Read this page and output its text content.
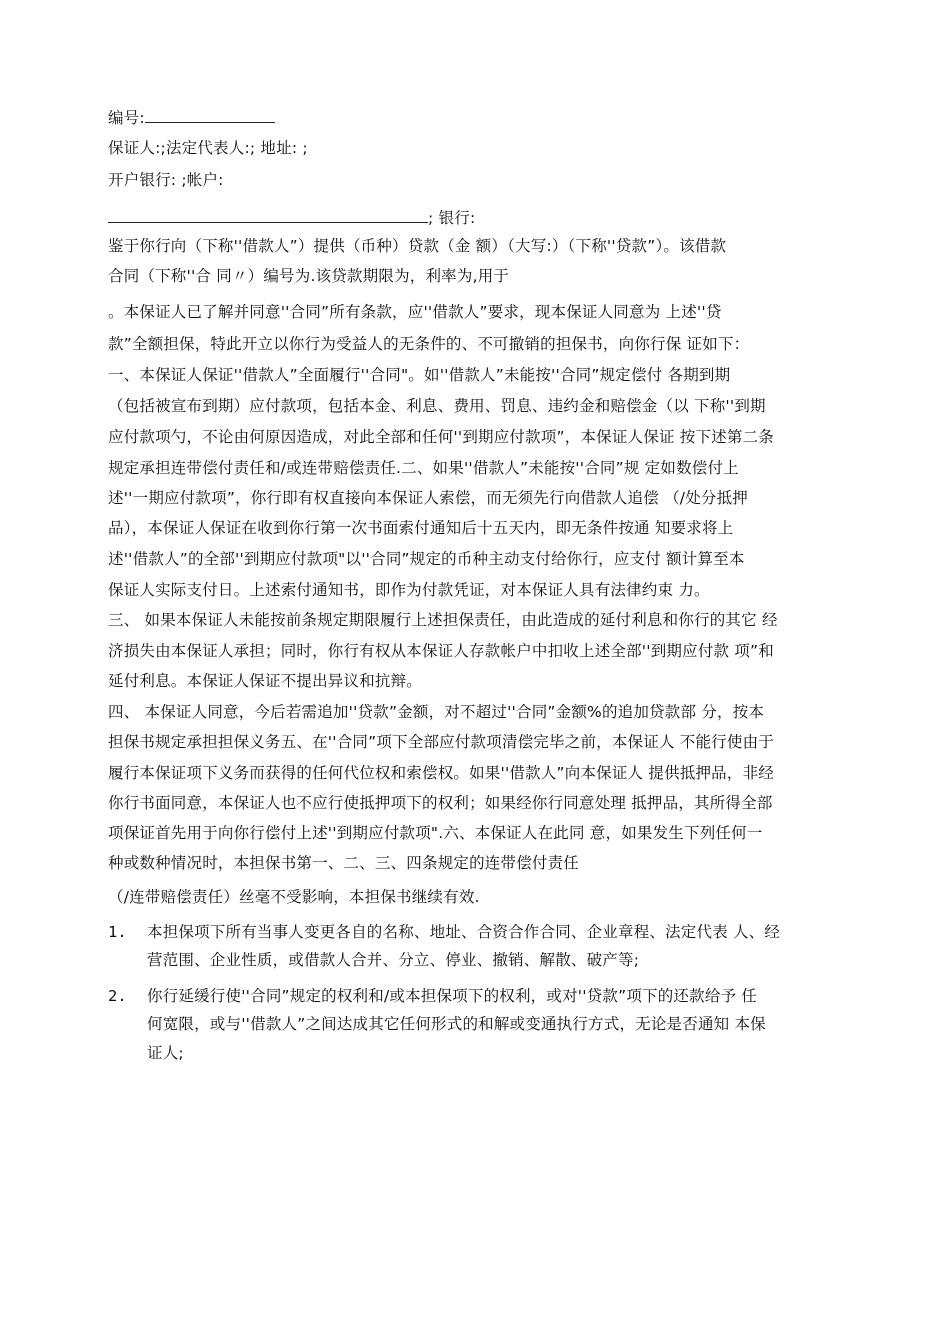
编号:
保证人:;法定代表人:; 地址: ;
开户银行: ;帐户:
; 银行:
鉴于你行向（下称''借款人”）提供（币种）贷款（金 额）（大写:）（下称''贷款”）。该借款
合同（下称''合 同〃）编号为.该贷款期限为，利率为,用于
。本保证人已了解并同意''合同”所有条款，应''借款人”要求，现本保证人同意为 上述''贷
款”全额担保，特此开立以你行为受益人的无条件的、不可撤销的担保书，向你行保 证如下：
一、本保证人保证''借款人”全面履行''合同"。如''借款人”未能按''合同”规定偿付 各期到期
（包括被宣布到期）应付款项，包括本金、利息、费用、罚息、违约金和赔偿金（以 下称''到期
应付款项勺，不论由何原因造成，对此全部和任何''到期应付款项”，本保证人保证 按下述第二条
规定承担连带偿付责任和/或连带赔偿责任.二、如果''借款人”未能按''合同”规 定如数偿付上
述''一期应付款项”，你行即有权直接向本保证人索偿，而无须先行向借款人追偿 （/处分抵押
品），本保证人保证在收到你行第一次书面索付通知后十五天内，即无条件按通 知要求将上
述''借款人”的全部''到期应付款项"以''合同”规定的币种主动支付给你行，应支付 额计算至本
保证人实际支付日。上述索付通知书，即作为付款凭证，对本保证人具有法律约束 力。
三、 如果本保证人未能按前条规定期限履行上述担保责任，由此造成的延付利息和你行的其它 经
济损失由本保证人承担；同时，你行有权从本保证人存款帐户中扣收上述全部''到期应付款 项”和
延付利息。本保证人保证不提出异议和抗辩。
四、 本保证人同意，今后若需追加''贷款”金额，对不超过''合同”金额%的追加贷款部 分，按本
担保书规定承担担保义务五、在''合同”项下全部应付款项清偿完毕之前，本保证人 不能行使由于
履行本保证项下义务而获得的任何代位权和索偿权。如果''借款人”向本保证人 提供抵押品，非经
你行书面同意，本保证人也不应行使抵押项下的权利；如果经你行同意处理 抵押品，其所得全部
项保证首先用于向你行偿付上述''到期应付款项".六、本保证人在此同 意，如果发生下列任何一
种或数种情况时，本担保书第一、二、三、四条规定的连带偿付责任
（/连带赔偿责任）丝毫不受影响，本担保书继续有效.
1. 本担保项下所有当事人变更各自的名称、地址、合资合作合同、企业章程、法定代表 人、经
营范围、企业性质，或借款人合并、分立、停业、撤销、解散、破产等;
2. 你行延缓行使''合同”规定的权利和/或本担保项下的权利，或对''贷款”项下的还款给予 任
何宽限，或与''借款人”之间达成其它任何形式的和解或变通执行方式，无论是否通知 本保
证人;
